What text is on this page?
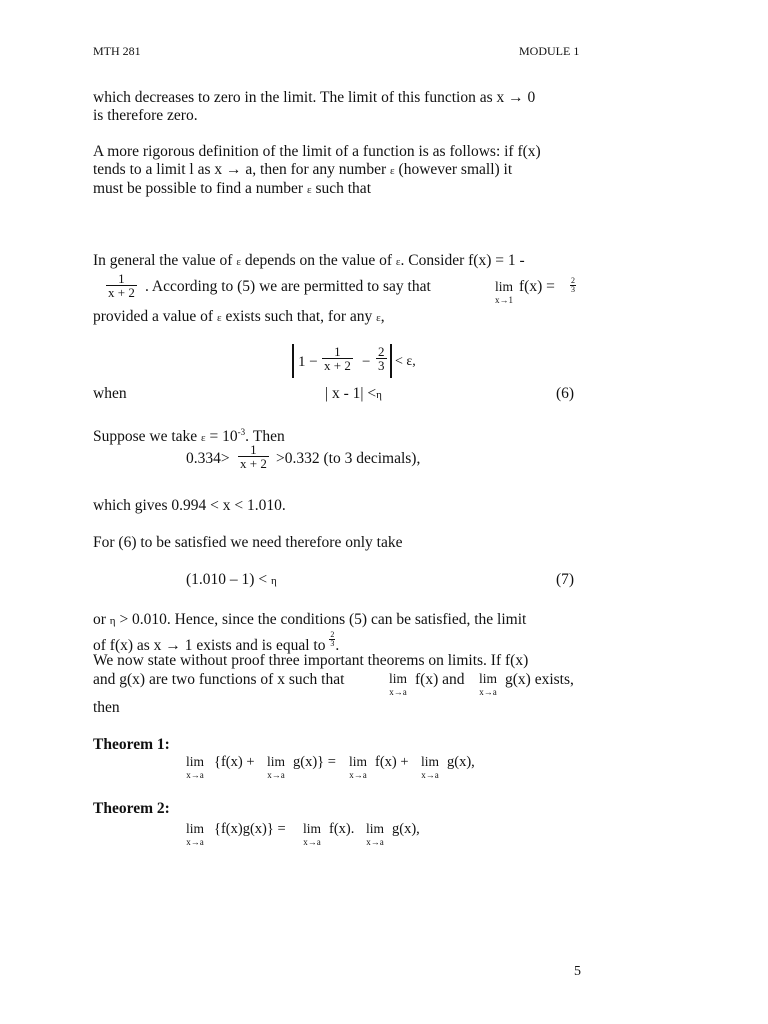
MTH 281	MODULE 1
which decreases to zero in the limit. The limit of this function as x → 0
is therefore zero.
A more rigorous definition of the limit of a function is as follows: if f(x)
tends to a limit l as x → a, then for any number ε (however small) it
must be possible to find a number ε such that
In general the value of ε depends on the value of ε. Consider f(x) = 1 -
$\frac{1}{x + 2}$ . According to (5) we are permitted to say that	lim
x→1
$f(x) = \frac{2}{3}$
provided a value of ε exists such that, for any ε,
$1 - \frac{1}{x + 2} - \frac{2}{3} < \varepsilon$,
when	| x - 1| <η	(6)
Suppose we take $\varepsilon = 10^{-3}$. Then
$0.334> \frac{1}{x + 2} >0.332$ (to 3 decimals),
which gives 0.994 < x < 1.010.
For (6) to be satisfied we need therefore only take
(1.010 – 1) < η	(7)
or η > 0.010. Hence, since the conditions (5) can be satisfied, the limit
of f(x) as x → 1 exists and is equal to $\frac{2}{3}$ .
We now state without proof three important theorems on limits. If f(x)
and g(x) are two functions of x such that	lim
x→a
f(x) and lim
x→a
g(x) exists,
then
Theorem 1:
lim
x→a
{f(x) + lim
x→a
g(x)} = lim
x→a
f(x) + lim
x→a
g(x),
Theorem 2:
lim
x→a
{f(x)g(x)} = lim
x→a
f(x). lim
x→a
g(x),
5
